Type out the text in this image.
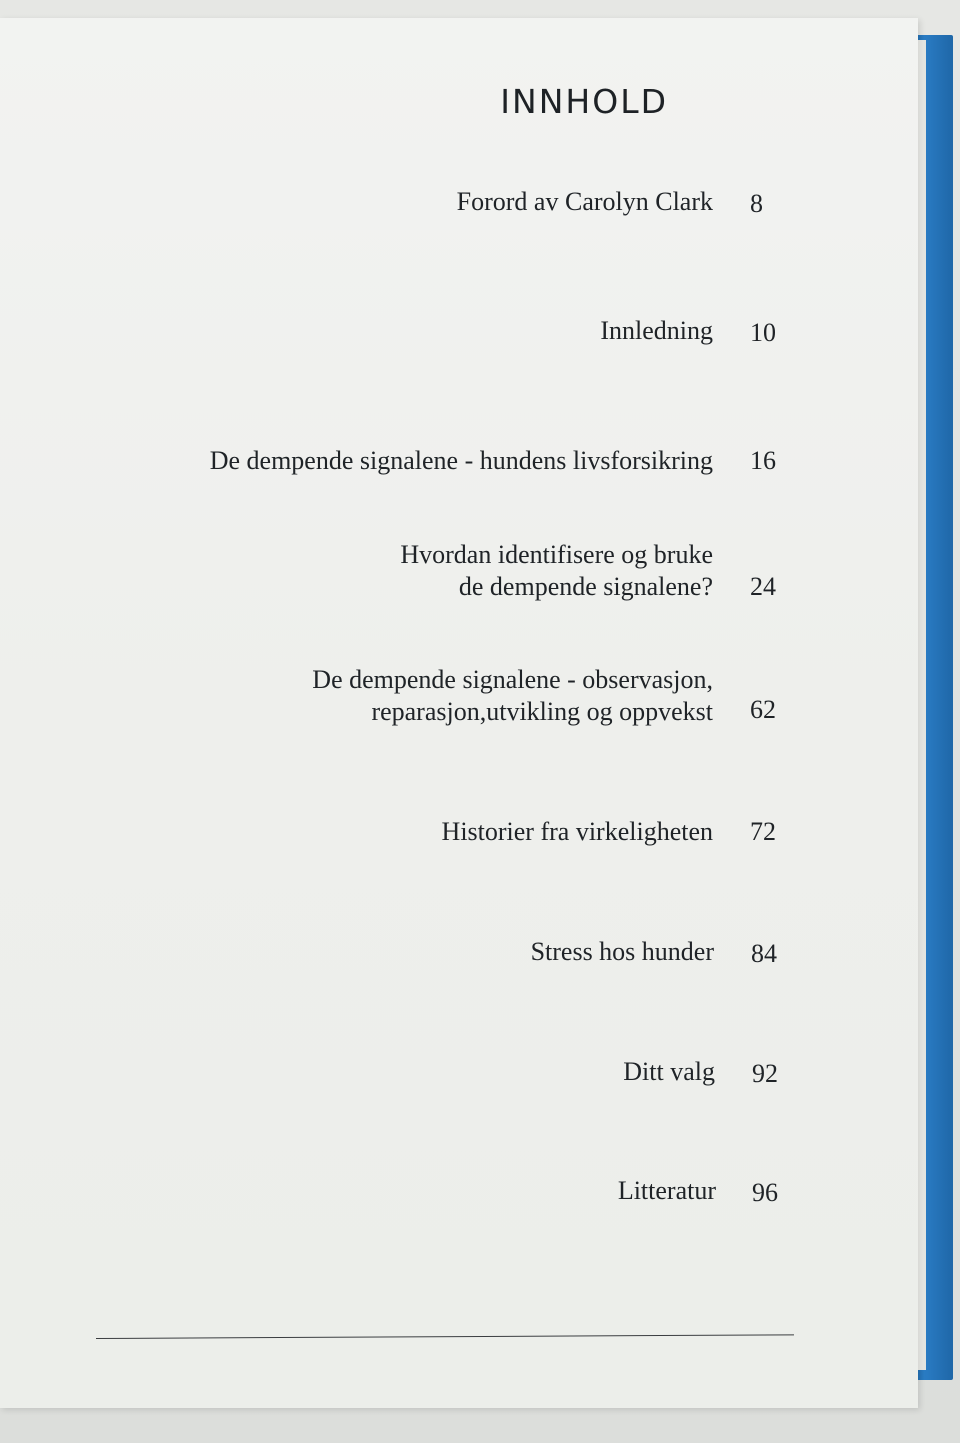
INNHOLD
Forord av Carolyn Clark 8
Innledning 10
De dempende signalene - hundens livsforsikring 16
Hvordan identifisere og bruke
de dempende signalene? 24
De dempende signalene - observasjon,
reparasjon,utvikling og oppvekst 62
Historier fra virkeligheten 72
Stress hos hunder 84
Ditt valg 92
Litteratur 96
